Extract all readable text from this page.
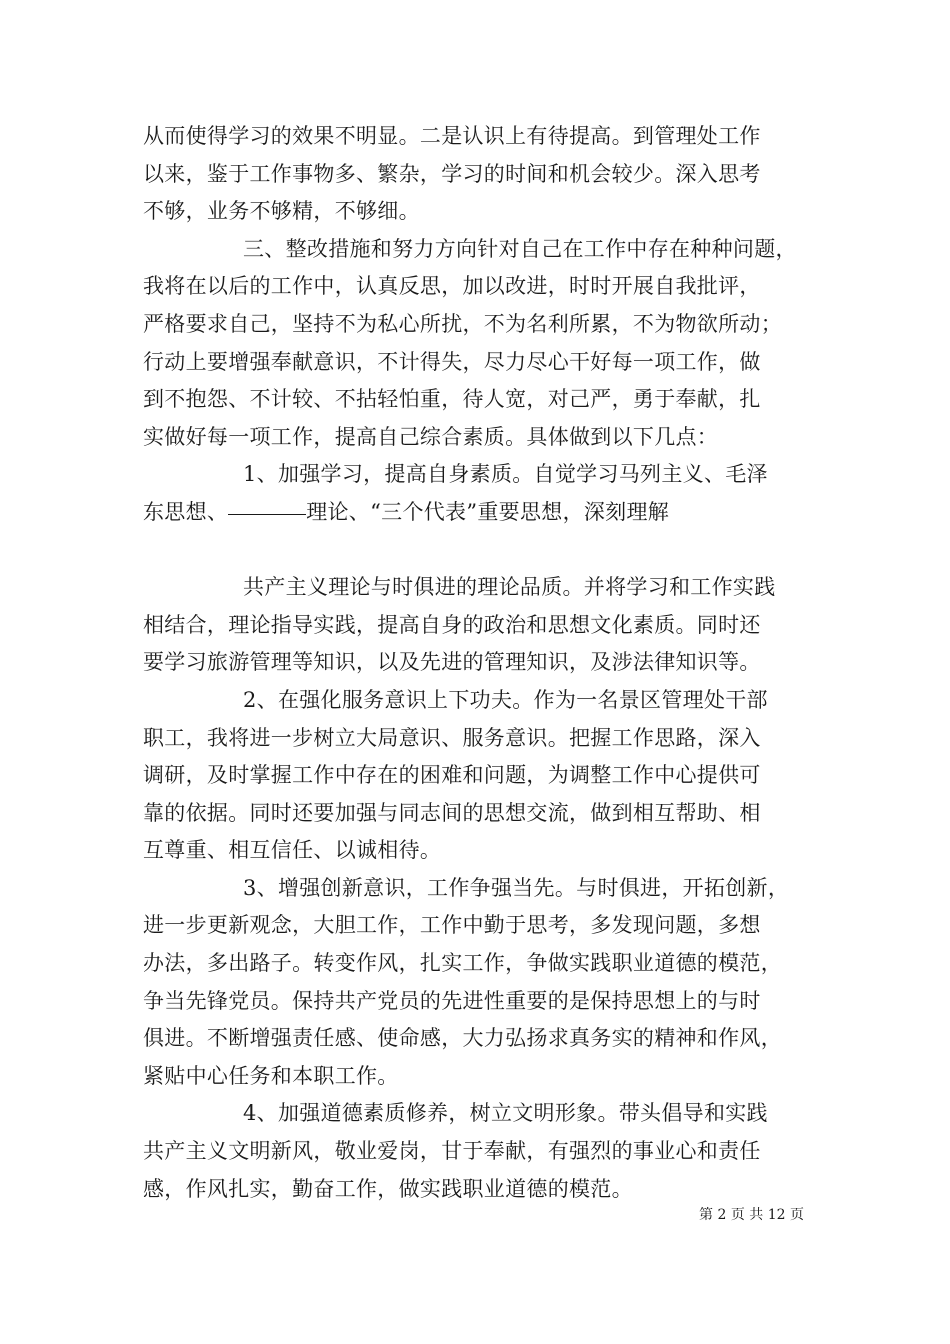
从而使得学习的效果不明显。二是认识上有待提高。到管理处工作
以来，鉴于工作事物多、繁杂，学习的时间和机会较少。深入思考
不够，业务不够精，不够细。
三、整改措施和努力方向针对自己在工作中存在种种问题，
我将在以后的工作中，认真反思，加以改进，时时开展自我批评，
严格要求自己，坚持不为私心所扰，不为名利所累，不为物欲所动；
行动上要增强奉献意识，不计得失，尽力尽心干好每一项工作，做
到不抱怨、不计较、不拈轻怕重，待人宽，对己严，勇于奉献，扎
实做好每一项工作，提高自己综合素质。具体做到以下几点：
1、加强学习，提高自身素质。自觉学习马列主义、毛泽
东思想、	理论、“三个代表”重要思想，深刻理解
共产主义理论与时俱进的理论品质。并将学习和工作实践
相结合，理论指导实践，提高自身的政治和思想文化素质。同时还
要学习旅游管理等知识，以及先进的管理知识，及涉法律知识等。
2、在强化服务意识上下功夫。作为一名景区管理处干部
职工，我将进一步树立大局意识、服务意识。把握工作思路，深入
调研，及时掌握工作中存在的困难和问题，为调整工作中心提供可
靠的依据。同时还要加强与同志间的思想交流，做到相互帮助、相
互尊重、相互信任、以诚相待。
3、增强创新意识，工作争强当先。与时俱进，开拓创新，
进一步更新观念，大胆工作，工作中勤于思考，多发现问题，多想
办法，多出路子。转变作风，扎实工作，争做实践职业道德的模范，
争当先锋党员。保持共产党员的先进性重要的是保持思想上的与时
俱进。不断增强责任感、使命感，大力弘扬求真务实的精神和作风，
紧贴中心任务和本职工作。
4、加强道德素质修养，树立文明形象。带头倡导和实践
共产主义文明新风，敬业爱岗，甘于奉献，有强烈的事业心和责任
感，作风扎实，勤奋工作，做实践职业道德的模范。
第 2 页 共 12 页
